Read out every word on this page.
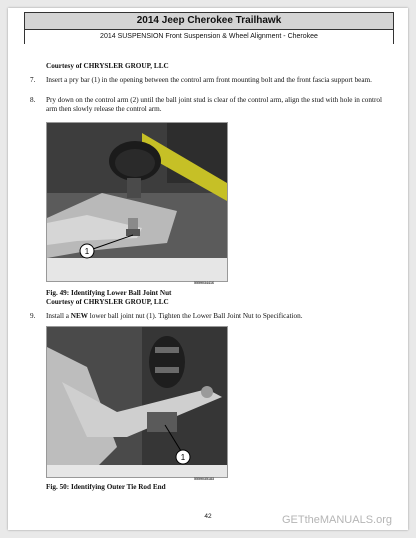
2014 Jeep Cherokee Trailhawk
2014 SUSPENSION Front Suspension & Wheel Alignment - Cherokee
Courtesy of CHRYSLER GROUP, LLC
7.	Insert a pry bar (1) in the opening between the control arm front mounting bolt and the front fascia support beam.
8.	Pry down on the control arm (2) until the ball joint stud is clear of the control arm, align the stud with hole in control arm then slowly release the control arm.
1
5559034416
Fig. 49: Identifying Lower Ball Joint Nut
Courtesy of CHRYSLER GROUP, LLC
9.	Install a NEW lower ball joint nut (1). Tighten the Lower Ball Joint Nut to Specification.
1
5559035183
Fig. 50: Identifying Outer Tie Rod End
42	GETtheMANUALS.org
